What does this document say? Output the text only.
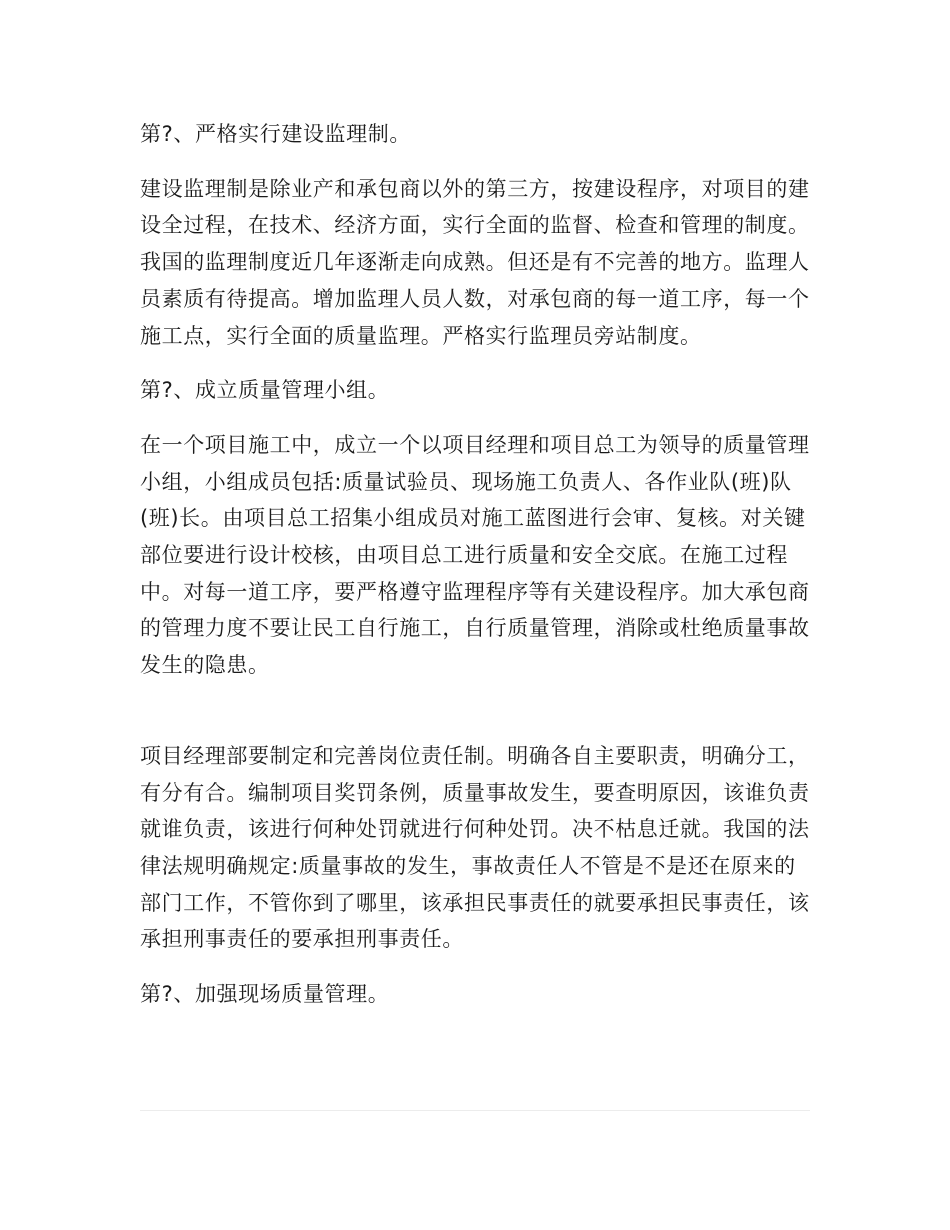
第?、严格实行建设监理制。

建设监理制是除业产和承包商以外的第三方，按建设程序，对项目的建设全过程，在技术、经济方面，实行全面的监督、检查和管理的制度。我国的监理制度近几年逐渐走向成熟。但还是有不完善的地方。监理人员素质有待提高。增加监理人员人数，对承包商的每一道工序，每一个施工点，实行全面的质量监理。严格实行监理员旁站制度。

第?、成立质量管理小组。

在一个项目施工中，成立一个以项目经理和项目总工为领导的质量管理小组，小组成员包括:质量试验员、现场施工负责人、各作业队(班)队(班)长。由项目总工招集小组成员对施工蓝图进行会审、复核。对关键部位要进行设计校核，由项目总工进行质量和安全交底。在施工过程中。对每一道工序，要严格遵守监理程序等有关建设程序。加大承包商的管理力度不要让民工自行施工，自行质量管理，消除或杜绝质量事故发生的隐患。

项目经理部要制定和完善岗位责任制。明确各自主要职责，明确分工，有分有合。编制项目奖罚条例，质量事故发生，要查明原因，该谁负责就谁负责，该进行何种处罚就进行何种处罚。决不枯息迁就。我国的法律法规明确规定:质量事故的发生，事故责任人不管是不是还在原来的部门工作，不管你到了哪里，该承担民事责任的就要承担民事责任，该承担刑事责任的要承担刑事责任。

第?、加强现场质量管理。
